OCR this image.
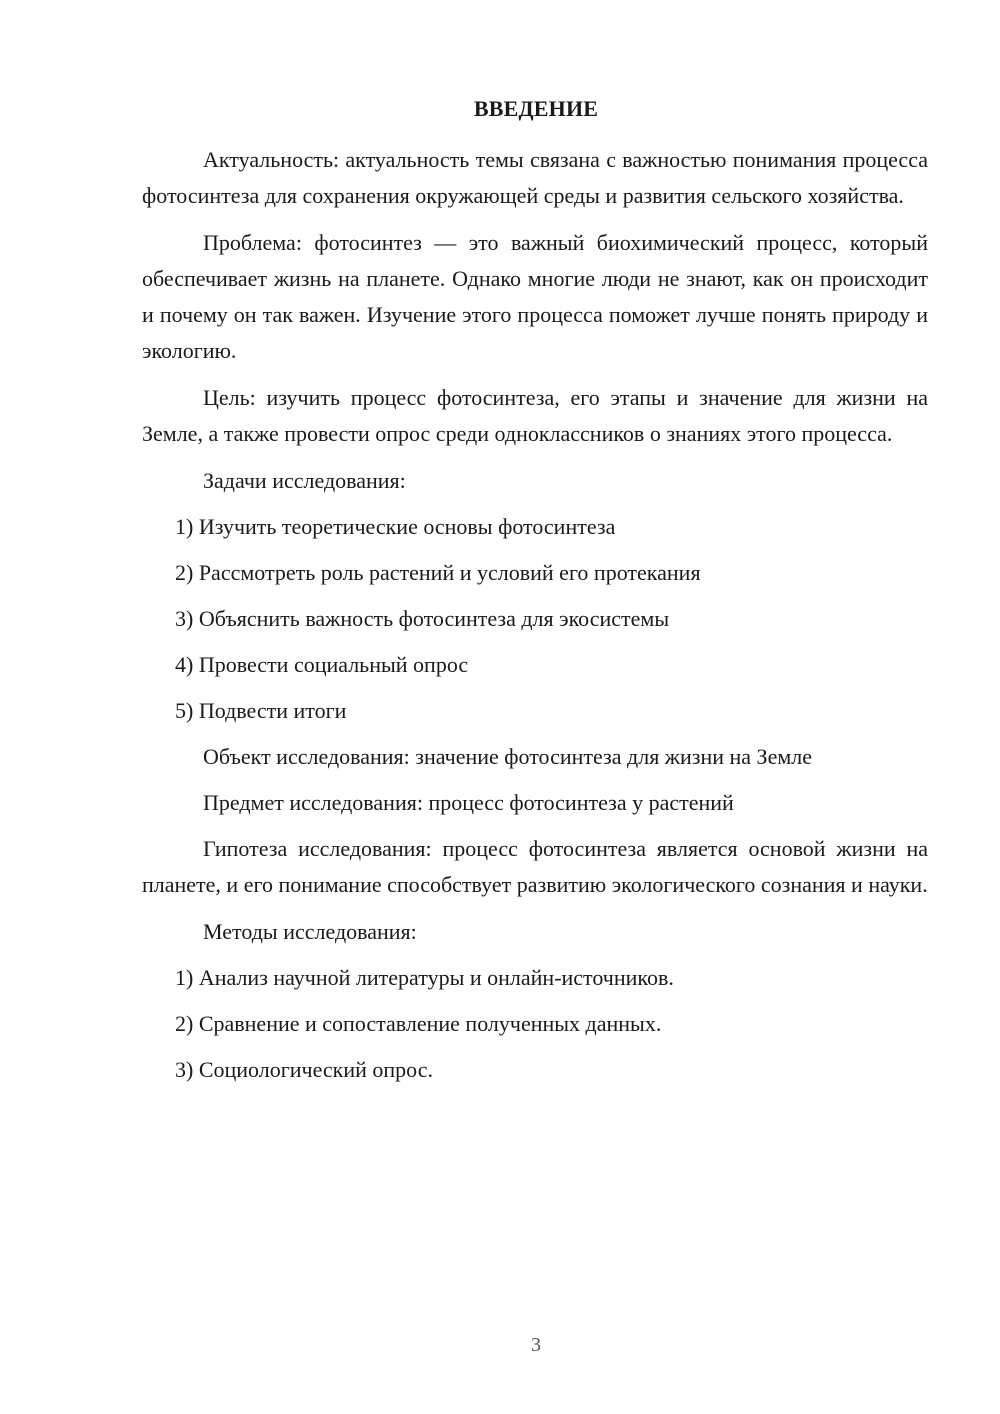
ВВЕДЕНИЕ

Актуальность: актуальность темы связана с важностью понимания процесса фотосинтеза для сохранения окружающей среды и развития сельского хозяйства.

Проблема: фотосинтез — это важный биохимический процесс, который обеспечивает жизнь на планете. Однако многие люди не знают, как он происходит и почему он так важен. Изучение этого процесса поможет лучше понять природу и экологию.

Цель: изучить процесс фотосинтеза, его этапы и значение для жизни на Земле, а также провести опрос среди одноклассников о знаниях этого процесса.

Задачи исследования:
1) Изучить теоретические основы фотосинтеза
2) Рассмотреть роль растений и условий его протекания
3) Объяснить важность фотосинтеза для экосистемы
4) Провести социальный опрос
5) Подвести итоги
Объект исследования: значение фотосинтеза для жизни на Земле
Предмет исследования: процесс фотосинтеза у растений

Гипотеза исследования: процесс фотосинтеза является основой жизни на планете, и его понимание способствует развитию экологического сознания и науки.

Методы исследования:
1) Анализ научной литературы и онлайн-источников.
2) Сравнение и сопоставление полученных данных.
3) Социологический опрос.
3
